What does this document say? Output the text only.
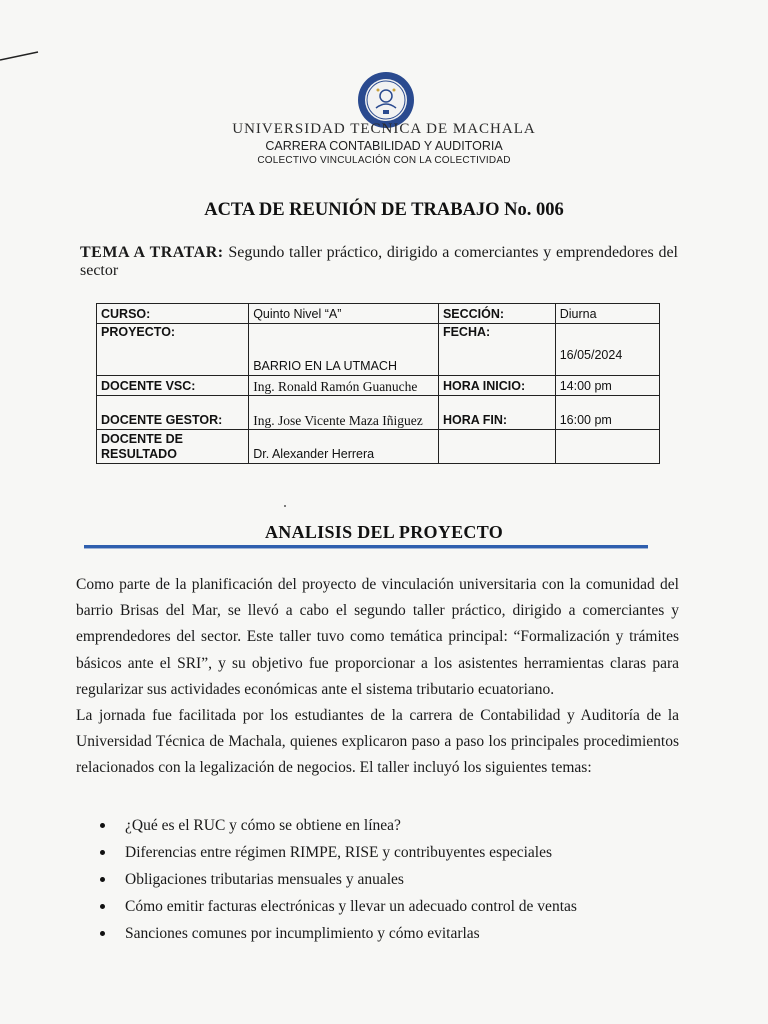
UNIVERSIDAD TECNICA DE MACHALA
CARRERA CONTABILIDAD Y AUDITORIA
COLECTIVO VINCULACIÓN CON LA COLECTIVIDAD
ACTA DE REUNIÓN DE TRABAJO No. 006
TEMA A TRATAR: Segundo taller práctico, dirigido a comerciantes y emprendedores del sector
CURSO:	Quinto Nivel “A”	SECCIÓN:	Diurna
PROYECTO:	BARRIO EN LA UTMACH	FECHA:	16/05/2024
DOCENTE VSC:	Ing. Ronald Ramón Guanuche	HORA INICIO:	14:00 pm
DOCENTE GESTOR:	Ing. Jose Vicente Maza Iñiguez	HORA FIN:	16:00 pm
DOCENTE DE RESULTADO	Dr. Alexander Herrera		
ANALISIS DEL PROYECTO

Como parte de la planificación del proyecto de vinculación universitaria con la comunidad del barrio Brisas del Mar, se llevó a cabo el segundo taller práctico, dirigido a comerciantes y emprendedores del sector. Este taller tuvo como temática principal: “Formalización y trámites básicos ante el SRI”, y su objetivo fue proporcionar a los asistentes herramientas claras para regularizar sus actividades económicas ante el sistema tributario ecuatoriano.

La jornada fue facilitada por los estudiantes de la carrera de Contabilidad y Auditoría de la Universidad Técnica de Machala, quienes explicaron paso a paso los principales procedimientos relacionados con la legalización de negocios. El taller incluyó los siguientes temas:

¿Qué es el RUC y cómo se obtiene en línea?
Diferencias entre régimen RIMPE, RISE y contribuyentes especiales
Obligaciones tributarias mensuales y anuales
Cómo emitir facturas electrónicas y llevar un adecuado control de ventas
Sanciones comunes por incumplimiento y cómo evitarlas
